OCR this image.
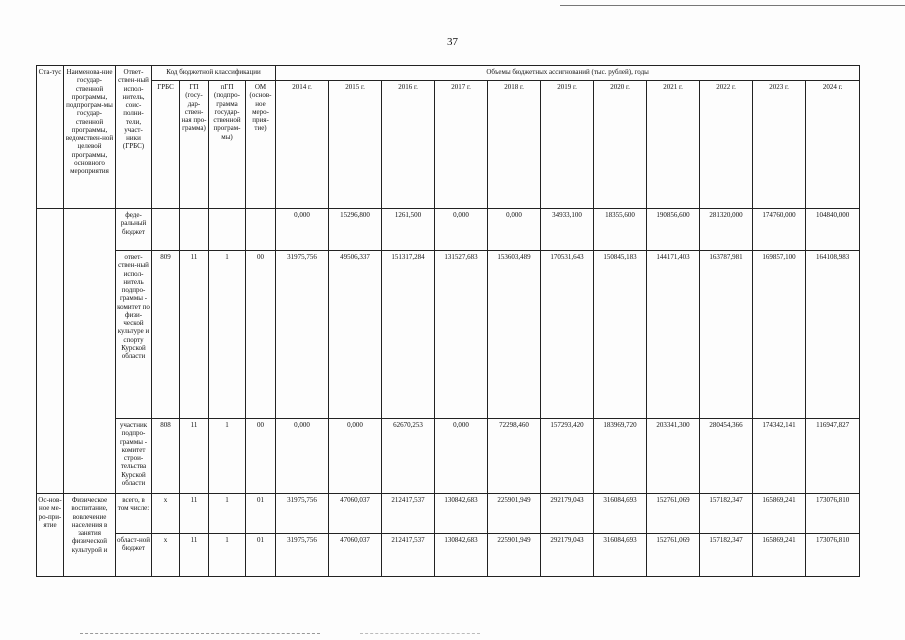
37
Ста-тус	Наименова-ние государ-ственной программы, подпрограм-мы государ-ственной программы, ведомствен-ной целевой программы, основного мероприятия	Ответ-ствен-ный испол-нитель, соис-полни-тели, участ-ники (ГРБС)	Код бюджетной классификации				Объемы бюджетных ассигнований (тыс. рублей), годы										
			ГРБС	ГП (госу-дар-ствен-ная про-грамма)	пГП (подпро-грамма государ-ственной програм-мы)	ОМ (основ-ное меро-прия-тие)	2014 г.	2015 г.	2016 г.	2017 г.	2018 г.	2019 г.	2020 г.	2021 г.	2022 г.	2023 г.	2024 г.
		феде-ральный бюджет					0,000	15296,800	1261,500	0,000	0,000	34933,100	18355,600	190856,600	281320,000	174760,000	104840,000
		ответ-ствен-ный испол-нитель подпро-граммы - комитет по физи-ческой культуре и спорту Курской области	809	11	1	00	31975,756	49506,337	151317,284	131527,683	153603,489	170531,643	150845,183	144171,403	163787,981	169857,100	164108,983
		участник подпро-граммы - комитет строи-тельства Курской области	808	11	1	00	0,000	0,000	62670,253	0,000	72298,460	157293,420	183969,720	203341,300	280454,366	174342,141	116947,827
Ос-нов-ное ме-ро-при-ятие	Физическое воспитание, вовлечение населения в занятия физической культурой и	всего, в том числе:	x	11	1	01	31975,756	47060,037	212417,537	130842,683	225901,949	292179,043	316084,693	152761,069	157182,347	165869,241	173076,810
		област-ной бюджет	x	11	1	01	31975,756	47060,037	212417,537	130842,683	225901,949	292179,043	316084,693	152761,069	157182,347	165869,241	173076,810
